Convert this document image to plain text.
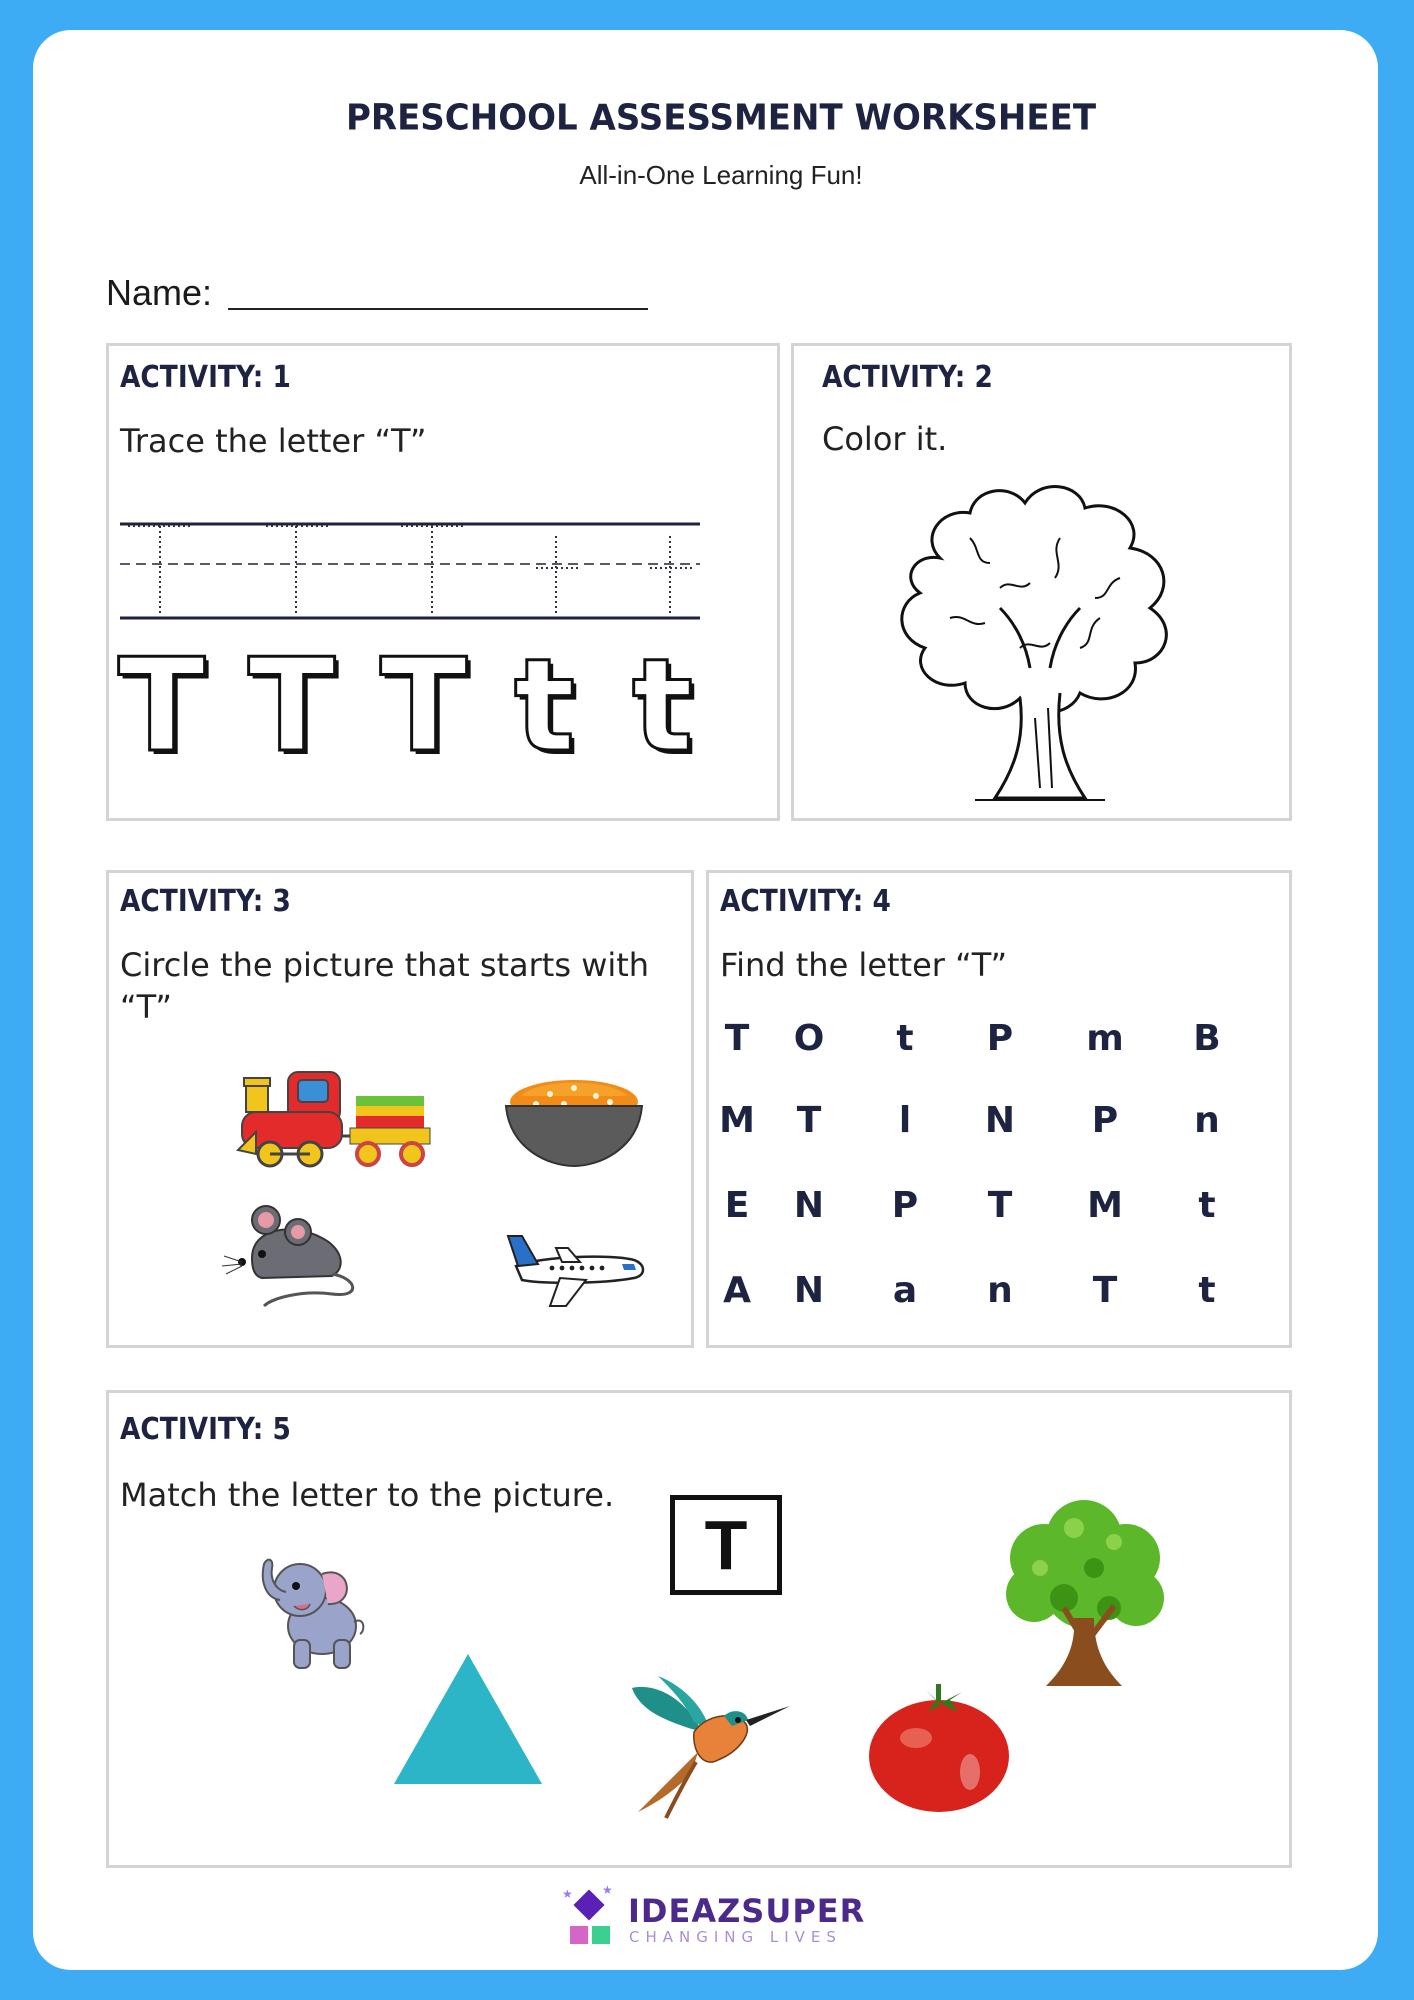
PRESCHOOL ASSESSMENT WORKSHEET
All-in-One Learning Fun!
Name:
ACTIVITY: 1
Trace the letter “T”
T T T t t
ACTIVITY: 2
Color it.
ACTIVITY: 3
Circle the picture that starts with “T”
ACTIVITY: 4
Find the letter “T”
T	O	t	P	m	B
M	T	l	N	P	n
E	N	P	T	M	t
A	N	a	n	T	t
ACTIVITY: 5
Match the letter to the picture.
T
★ ★
IDEAZSUPER
CHANGING LIVES
